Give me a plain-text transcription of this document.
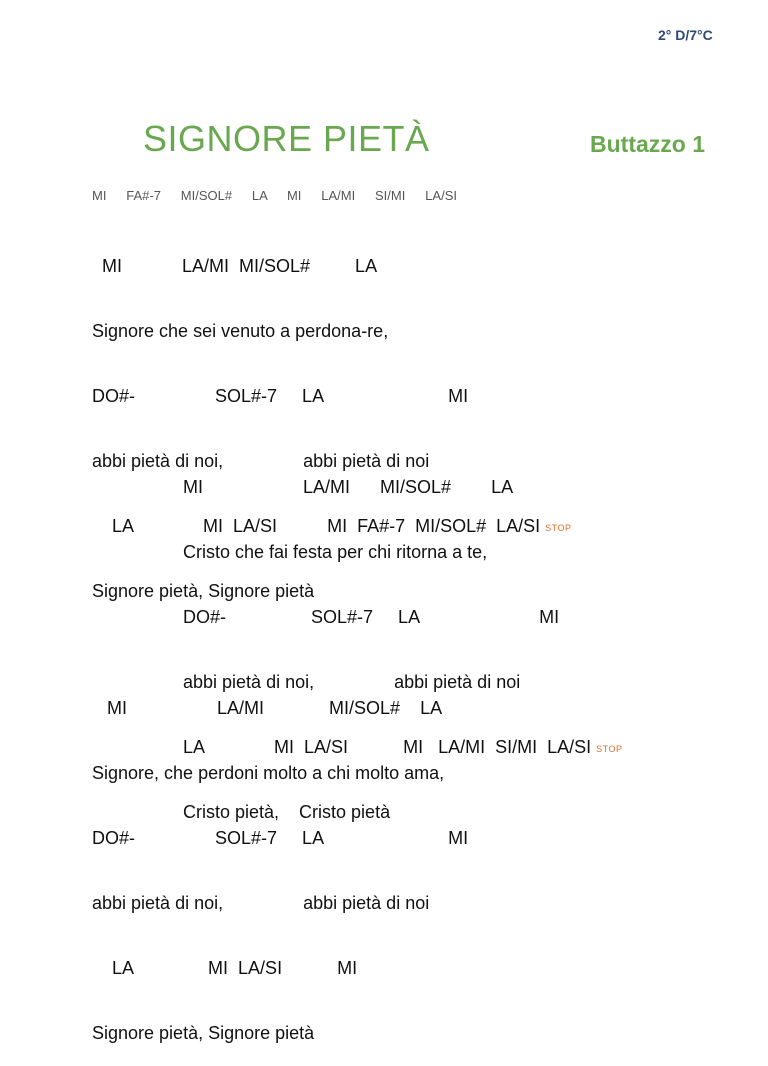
2° D/7°C
SIGNORE PIETÀ	Buttazzo 1
MI   FA#-7   MI/SOL#   LA   MI   LA/MI   SI/MI   LA/SI

MI            LA/MI  MI/SOL#         LA

Signore che sei venuto a perdona-re,

DO#-                SOL#-7     LA                         MI

abbi pietà di noi,                abbi pietà di noi

LA              MI  LA/SI          MI  FA#-7  MI/SOL#  LA/SI STOP

Signore pietà, Signore pietà

MI                    LA/MI      MI/SOL#        LA

Cristo che fai festa per chi ritorna a te,

DO#-                 SOL#-7     LA                        MI

abbi pietà di noi,                abbi pietà di noi

LA              MI  LA/SI           MI   LA/MI  SI/MI  LA/SI STOP

Cristo pietà,    Cristo pietà

MI                  LA/MI             MI/SOL#    LA

Signore, che perdoni molto a chi molto ama,

DO#-                SOL#-7     LA                         MI

abbi pietà di noi,                abbi pietà di noi

LA               MI  LA/SI           MI

Signore pietà, Signore pietà
